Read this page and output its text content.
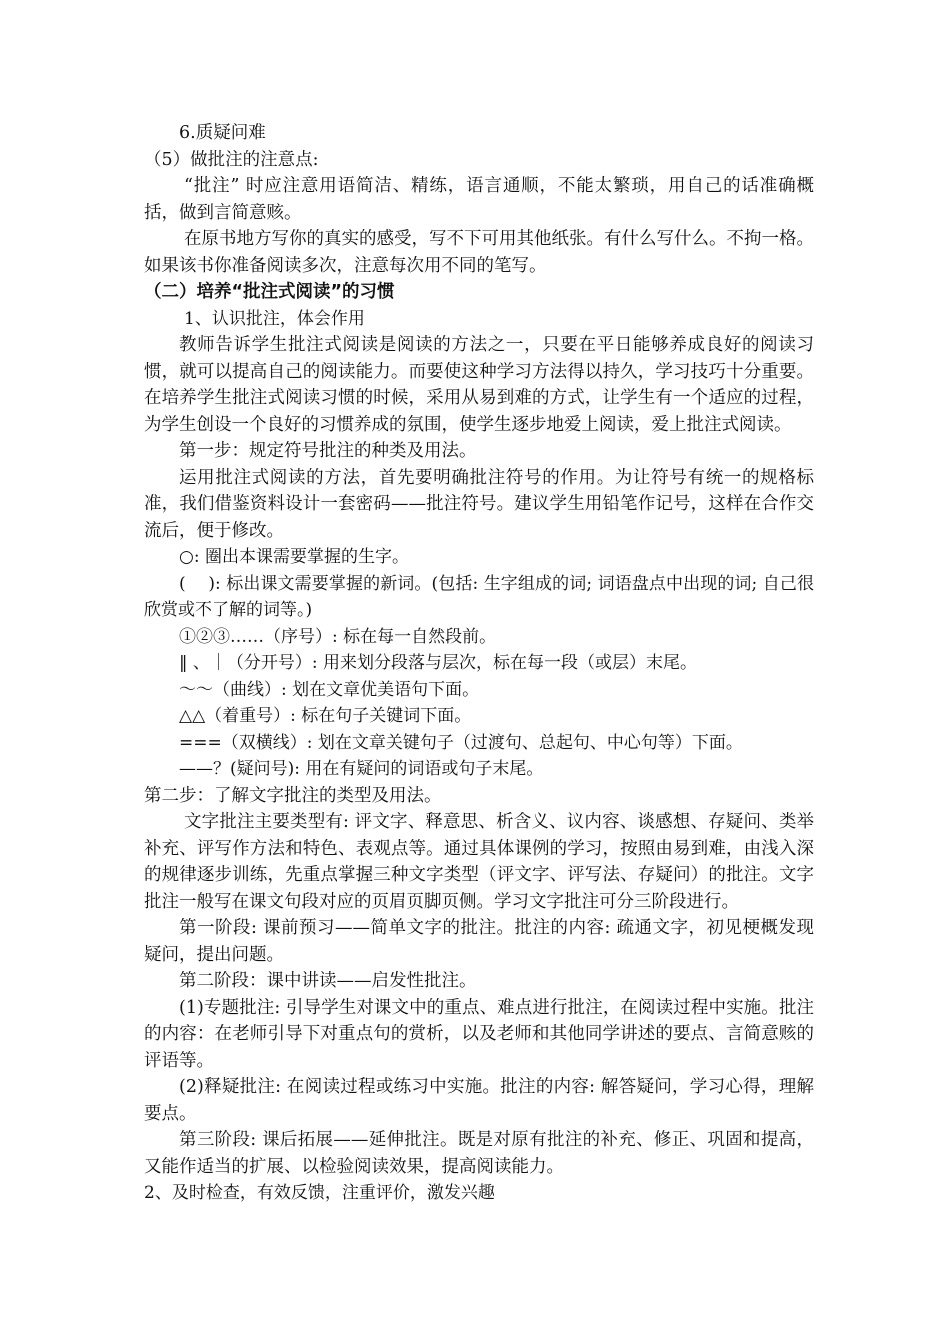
6.质疑问难

（5）做批注的注意点:

“批注” 时应注意用语简洁、精练，语言通顺，不能太繁琐，用自己的话准确概括，做到言简意赅。

在原书地方写你的真实的感受，写不下可用其他纸张。有什么写什么。不拘一格。如果该书你准备阅读多次，注意每次用不同的笔写。

（二）培养“批注式阅读”的习惯

1、认识批注，体会作用

教师告诉学生批注式阅读是阅读的方法之一，只要在平日能够养成良好的阅读习惯，就可以提高自己的阅读能力。而要使这种学习方法得以持久，学习技巧十分重要。在培养学生批注式阅读习惯的时候，采用从易到难的方式，让学生有一个适应的过程，为学生创设一个良好的习惯养成的氛围，使学生逐步地爱上阅读，爱上批注式阅读。

第一步：规定符号批注的种类及用法。

运用批注式阅读的方法，首先要明确批注符号的作用。为让符号有统一的规格标准，我们借鉴资料设计一套密码——批注符号。建议学生用铅笔作记号，这样在合作交流后，便于修改。

○: 圈出本课需要掌握的生字。

(　 ): 标出课文需要掌握的新词。(包括: 生字组成的词; 词语盘点中出现的词; 自己很欣赏或不了解的词等。)

①②③……（序号）: 标在每一自然段前。

‖ 、｜（分开号）: 用来划分段落与层次，标在每一段（或层）末尾。

～～（曲线）: 划在文章优美语句下面。

△△（着重号）: 标在句子关键词下面。

===（双横线）: 划在文章关键句子（过渡句、总起句、中心句等）下面。

——？(疑问号): 用在有疑问的词语或句子末尾。

第二步：了解文字批注的类型及用法。

文字批注主要类型有: 评文字、释意思、析含义、议内容、谈感想、存疑问、类举补充、评写作方法和特色、表观点等。通过具体课例的学习，按照由易到难，由浅入深的规律逐步训练，先重点掌握三种文字类型（评文字、评写法、存疑问）的批注。文字批注一般写在课文句段对应的页眉页脚页侧。学习文字批注可分三阶段进行。

第一阶段: 课前预习——简单文字的批注。批注的内容: 疏通文字，初见梗概发现疑问，提出问题。

第二阶段：课中讲读——启发性批注。

(1)专题批注: 引导学生对课文中的重点、难点进行批注，在阅读过程中实施。批注的内容：在老师引导下对重点句的赏析，以及老师和其他同学讲述的要点、言简意赅的评语等。

(2)释疑批注: 在阅读过程或练习中实施。批注的内容: 解答疑问，学习心得，理解要点。

第三阶段: 课后拓展——延伸批注。既是对原有批注的补充、修正、巩固和提高，又能作适当的扩展、以检验阅读效果，提高阅读能力。

2、及时检查，有效反馈，注重评价，激发兴趣
